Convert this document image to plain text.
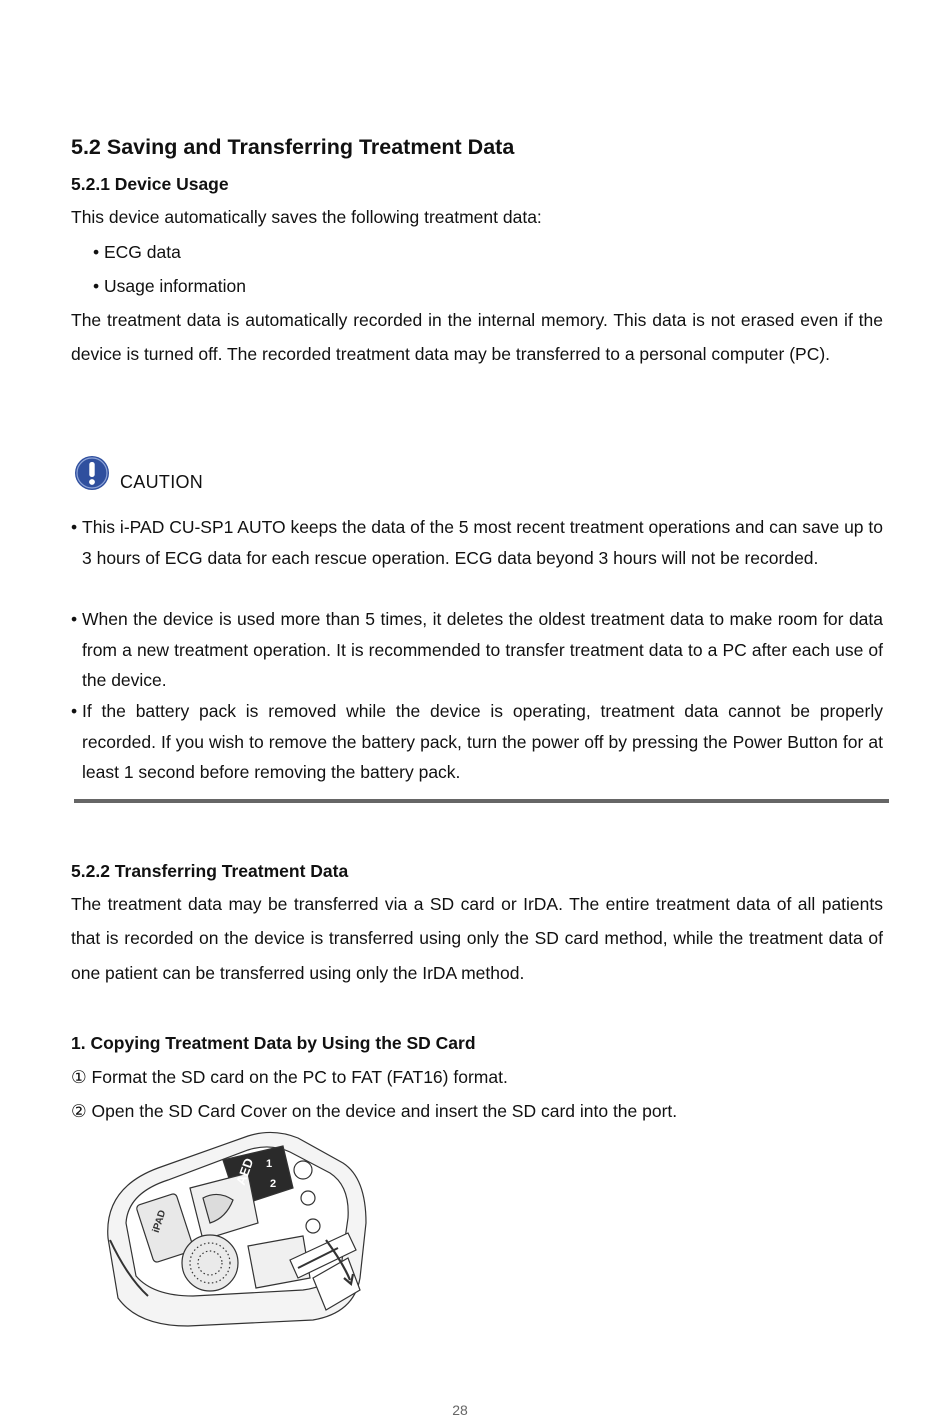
5.2 Saving and Transferring Treatment Data
5.2.1 Device Usage
This device automatically saves the following treatment data:
• ECG data
• Usage information
The treatment data is automatically recorded in the internal memory. This data is not erased even if the device is turned off. The recorded treatment data may be transferred to a personal computer (PC).
CAUTION
• This i-PAD CU-SP1 AUTO keeps the data of the 5 most recent treatment operations and can save up to 3 hours of ECG data for each rescue operation. ECG data beyond 3 hours will not be recorded.
• When the device is used more than 5 times, it deletes the oldest treatment data to make room for data from a new treatment operation. It is recommended to transfer treatment data to a PC after each use of the device.
• If the battery pack is removed while the device is operating, treatment data cannot be properly recorded. If you wish to remove the battery pack, turn the power off by pressing the Power Button for at least 1 second before removing the battery pack.
5.2.2 Transferring Treatment Data
The treatment data may be transferred via a SD card or IrDA. The entire treatment data of all patients that is recorded on the device is transferred using only the SD card method, while the treatment data of one patient can be transferred using only the IrDA method.
1. Copying Treatment Data by Using the SD Card
① Format the SD card on the PC to FAT (FAT16) format.
② Open the SD Card Cover on the device and insert the SD card into the port.
AED 1
2
iPAD
28
